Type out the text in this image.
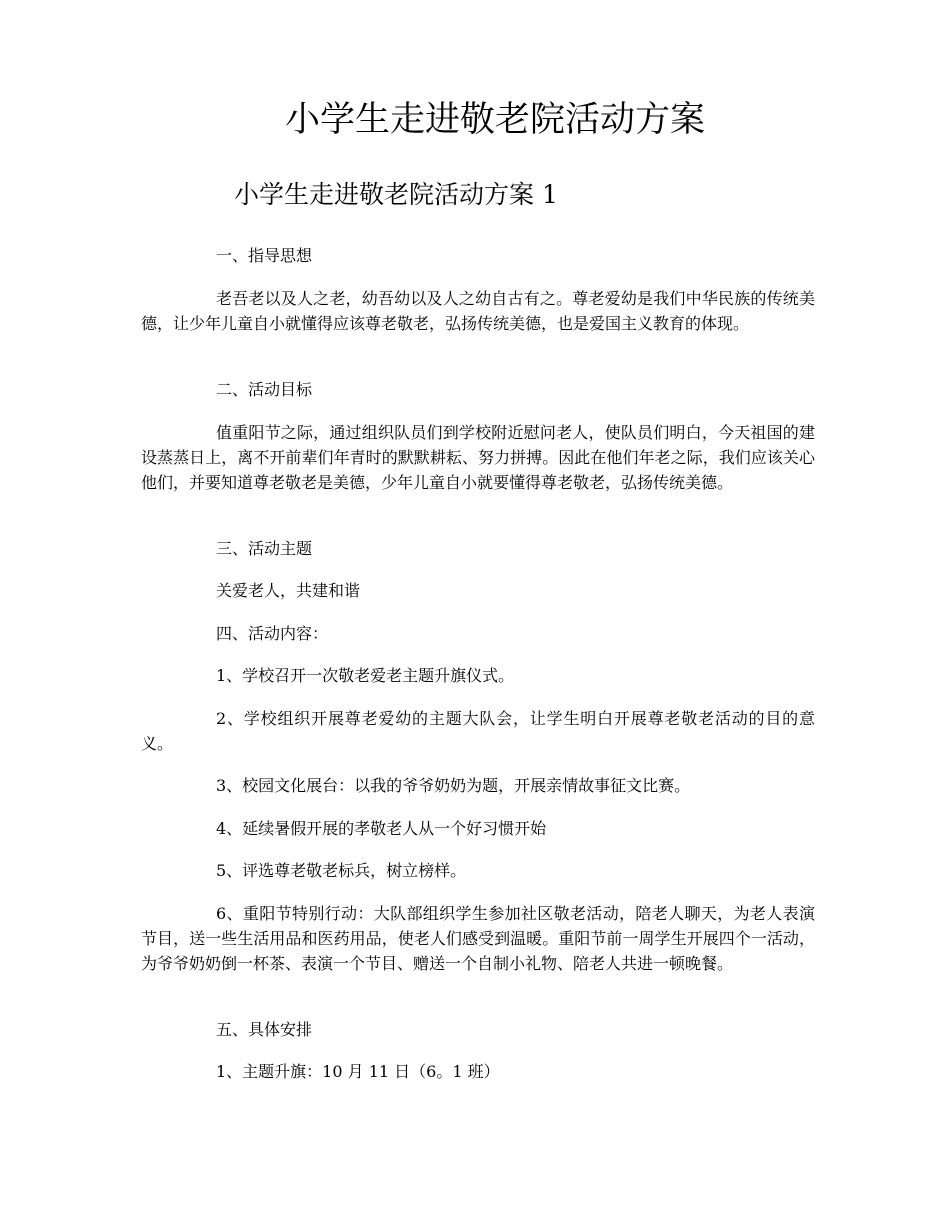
小学生走进敬老院活动方案
小学生走进敬老院活动方案 1

一、指导思想

老吾老以及人之老，幼吾幼以及人之幼自古有之。尊老爱幼是我们中华民族的传统美德，让少年儿童自小就懂得应该尊老敬老，弘扬传统美德，也是爱国主义教育的体现。

二、活动目标

值重阳节之际，通过组织队员们到学校附近慰问老人，使队员们明白，今天祖国的建设蒸蒸日上，离不开前辈们年青时的默默耕耘、努力拼搏。因此在他们年老之际，我们应该关心他们，并要知道尊老敬老是美德，少年儿童自小就要懂得尊老敬老，弘扬传统美德。

三、活动主题

关爱老人，共建和谐

四、活动内容：

1、学校召开一次敬老爱老主题升旗仪式。

2、学校组织开展尊老爱幼的主题大队会，让学生明白开展尊老敬老活动的目的意义。

3、校园文化展台：以我的爷爷奶奶为题，开展亲情故事征文比赛。

4、延续暑假开展的孝敬老人从一个好习惯开始

5、评选尊老敬老标兵，树立榜样。

6、重阳节特别行动：大队部组织学生参加社区敬老活动，陪老人聊天，为老人表演节目，送一些生活用品和医药用品，使老人们感受到温暖。重阳节前一周学生开展四个一活动，为爷爷奶奶倒一杯茶、表演一个节目、赠送一个自制小礼物、陪老人共进一顿晚餐。

五、具体安排

1、主题升旗：10 月 11 日（6。1 班）
